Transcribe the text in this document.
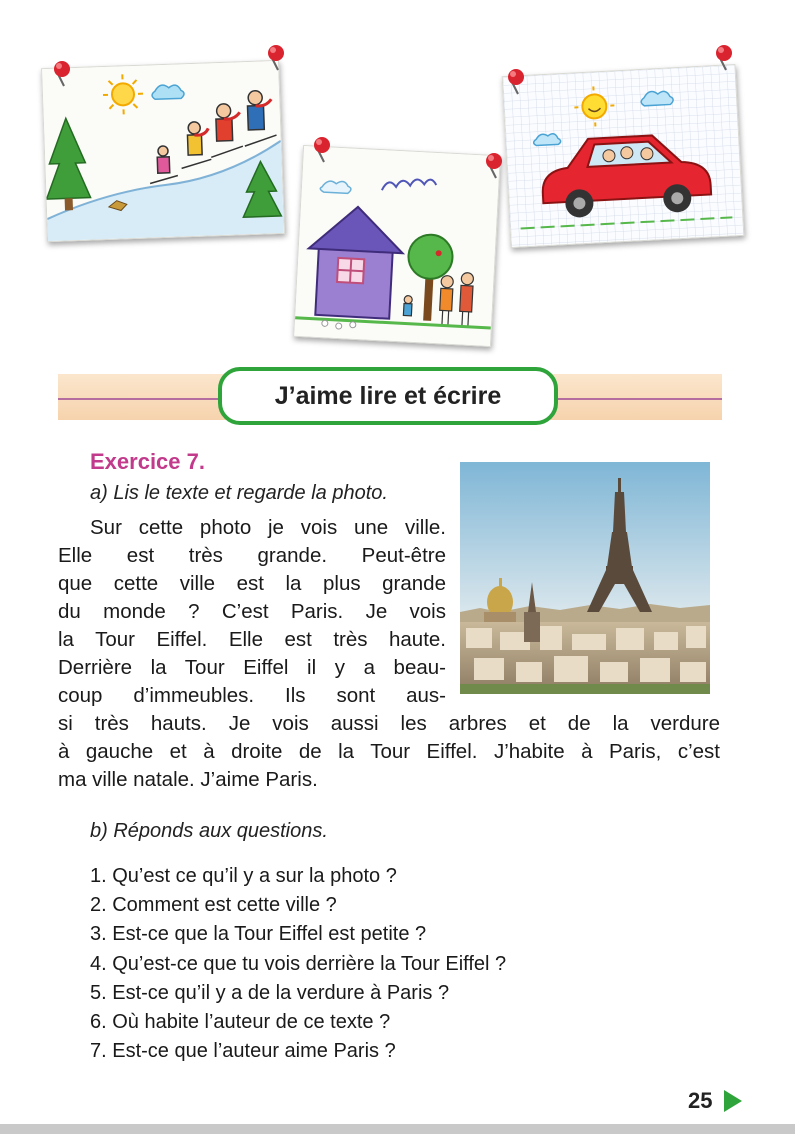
J’aime lire et écrire
Exercice 7.
a) Lis le texte et regarde la photo.
Sur cette photo je vois une ville.
Elle est très grande. Peut-être
que cette ville est la plus grande
du monde ? C’est Paris. Je vois
la Tour Eiffel. Elle est très haute.
Derrière la Tour Eiffel il y a beau-
coup d’immeubles. Ils sont aus-
si très hauts. Je vois aussi les arbres et de la verdure
à gauche et à droite de la Tour Eiffel. J’habite à Paris, c’est
ma ville natale. J’aime Paris.
b) Réponds aux questions.
1. Qu’est ce qu’il y a sur la photo ?
2. Comment est cette ville ?
3. Est-ce que la Tour Eiffel est petite ?
4. Qu’est-ce que tu vois derrière la Tour Eiffel ?
5. Est-ce qu’il y a de la verdure à Paris ?
6. Où habite l’auteur de ce texte ?
7. Est-ce que l’auteur aime Paris ?
25
